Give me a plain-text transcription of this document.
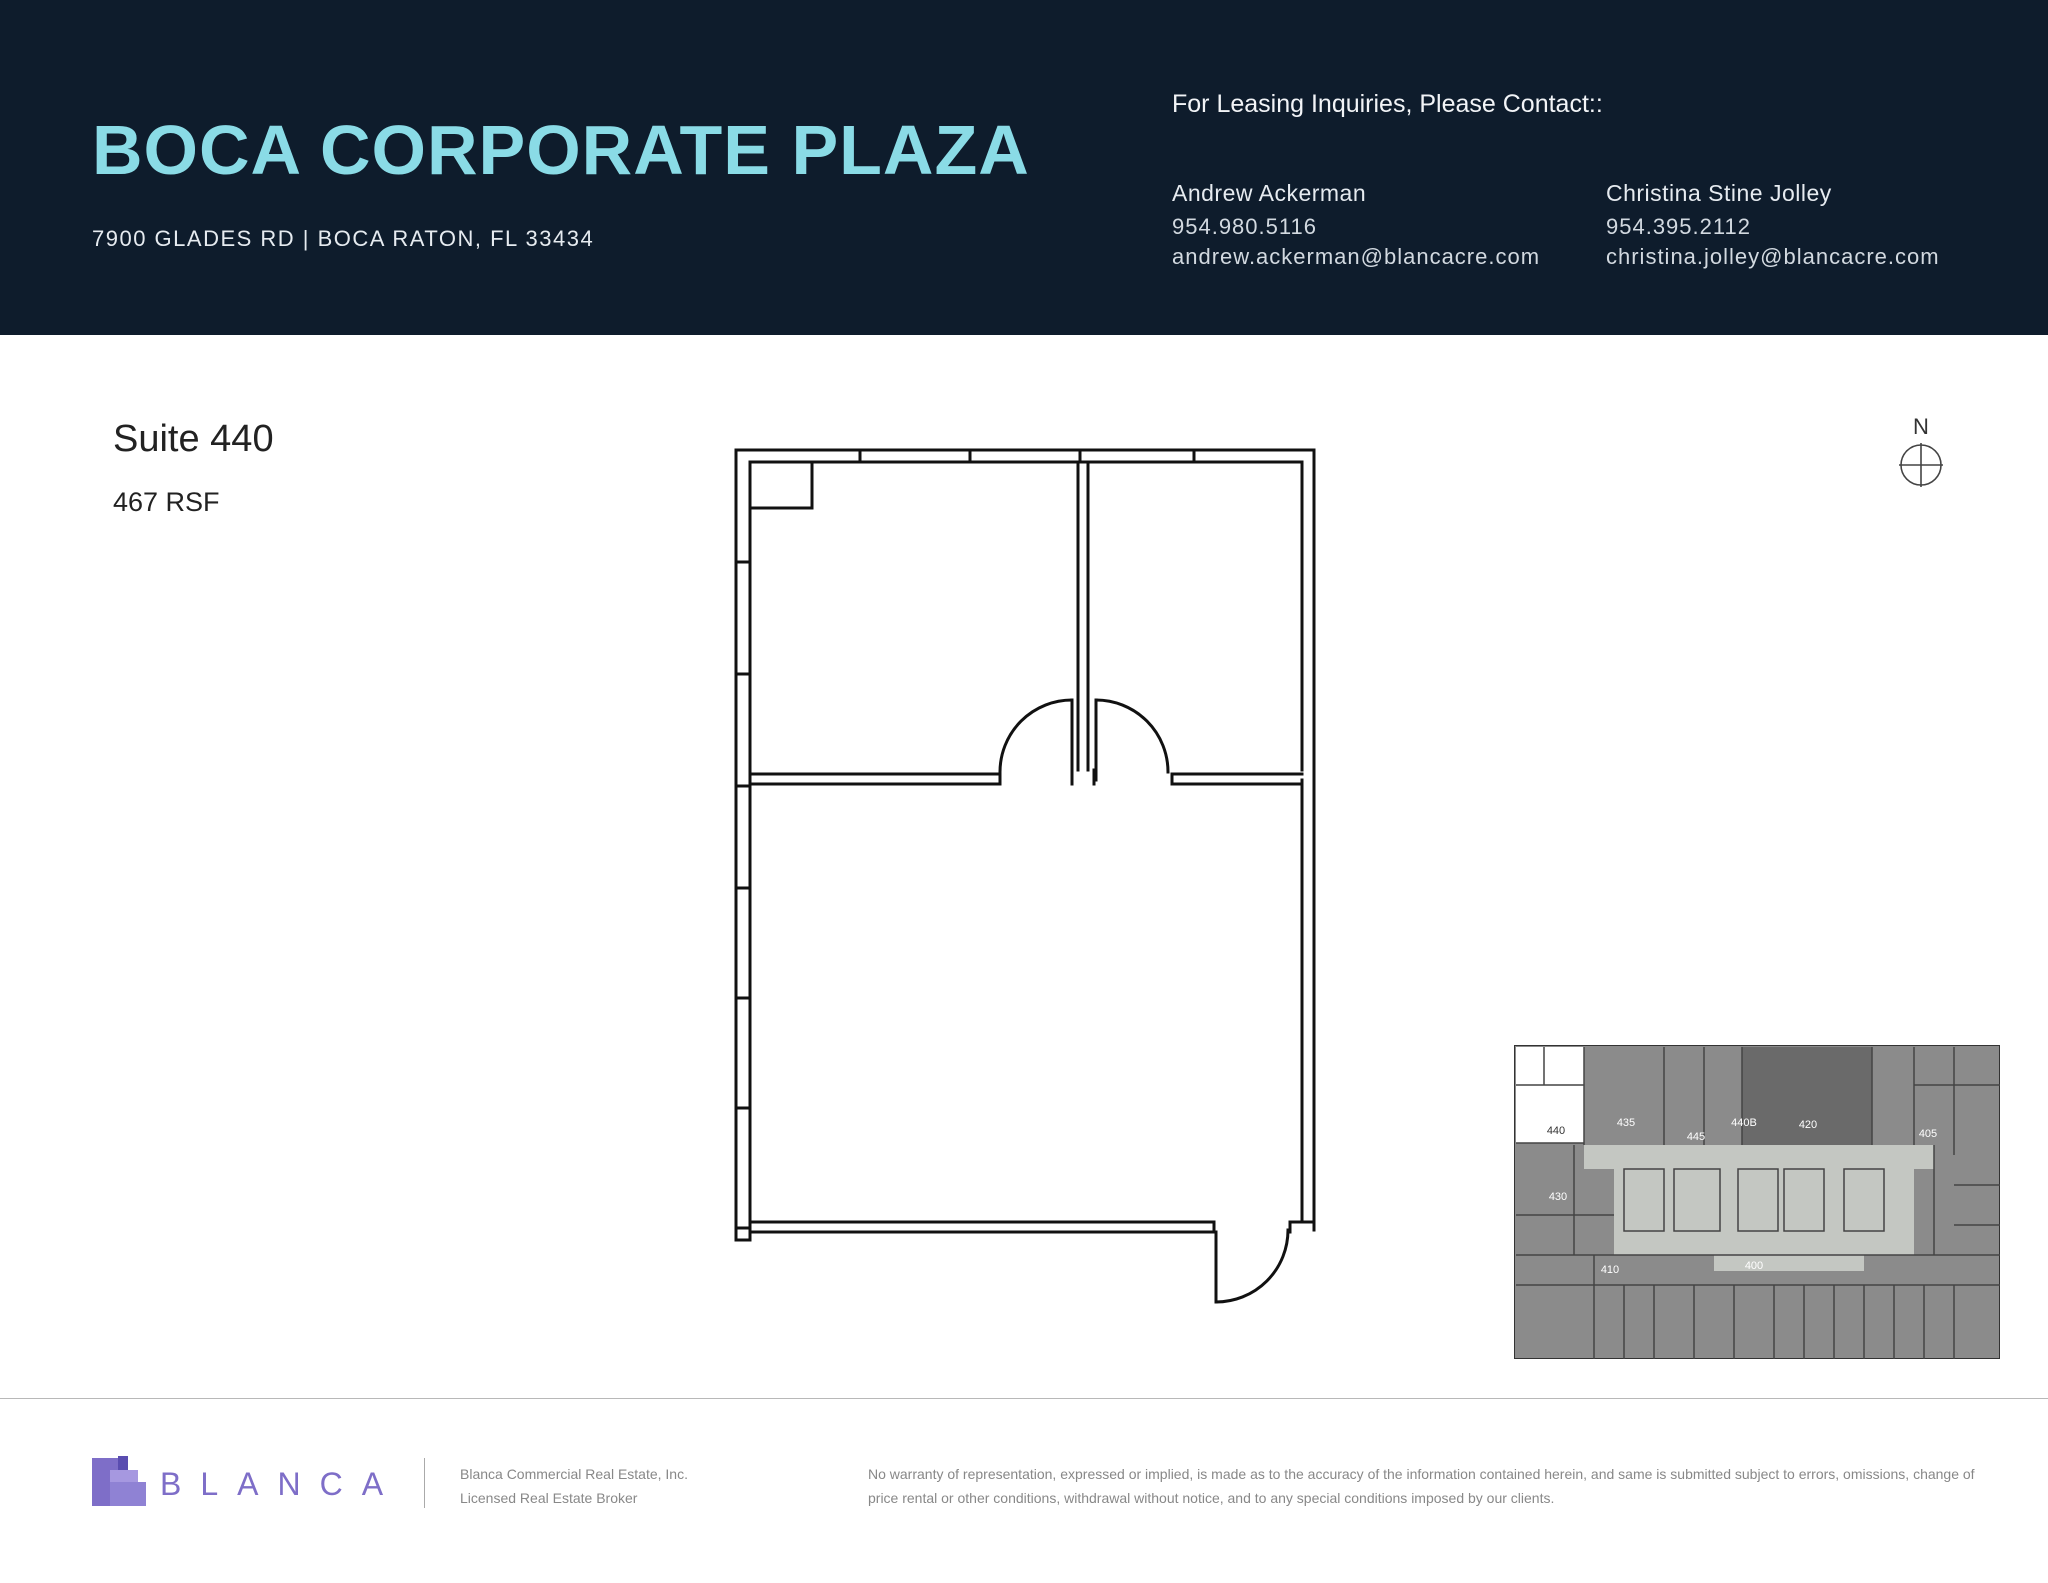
BOCA CORPORATE PLAZA
7900 GLADES RD | BOCA RATON, FL 33434
For Leasing Inquiries, Please Contact::
Andrew Ackerman
954.980.5116
andrew.ackerman@blancacre.com
Christina Stine Jolley
954.395.2112
christina.jolley@blancacre.com
Suite 440
467 RSF
N
440
435
445
440B	420
405
430
410	400
BLANCA	Blanca Commercial Real Estate, Inc.
Licensed Real Estate Broker
No warranty of representation, expressed or implied, is made as to the accuracy of the information contained herein, and same is submitted subject to errors, omissions, change of price rental or other conditions, withdrawal without notice, and to any special conditions imposed by our clients.
